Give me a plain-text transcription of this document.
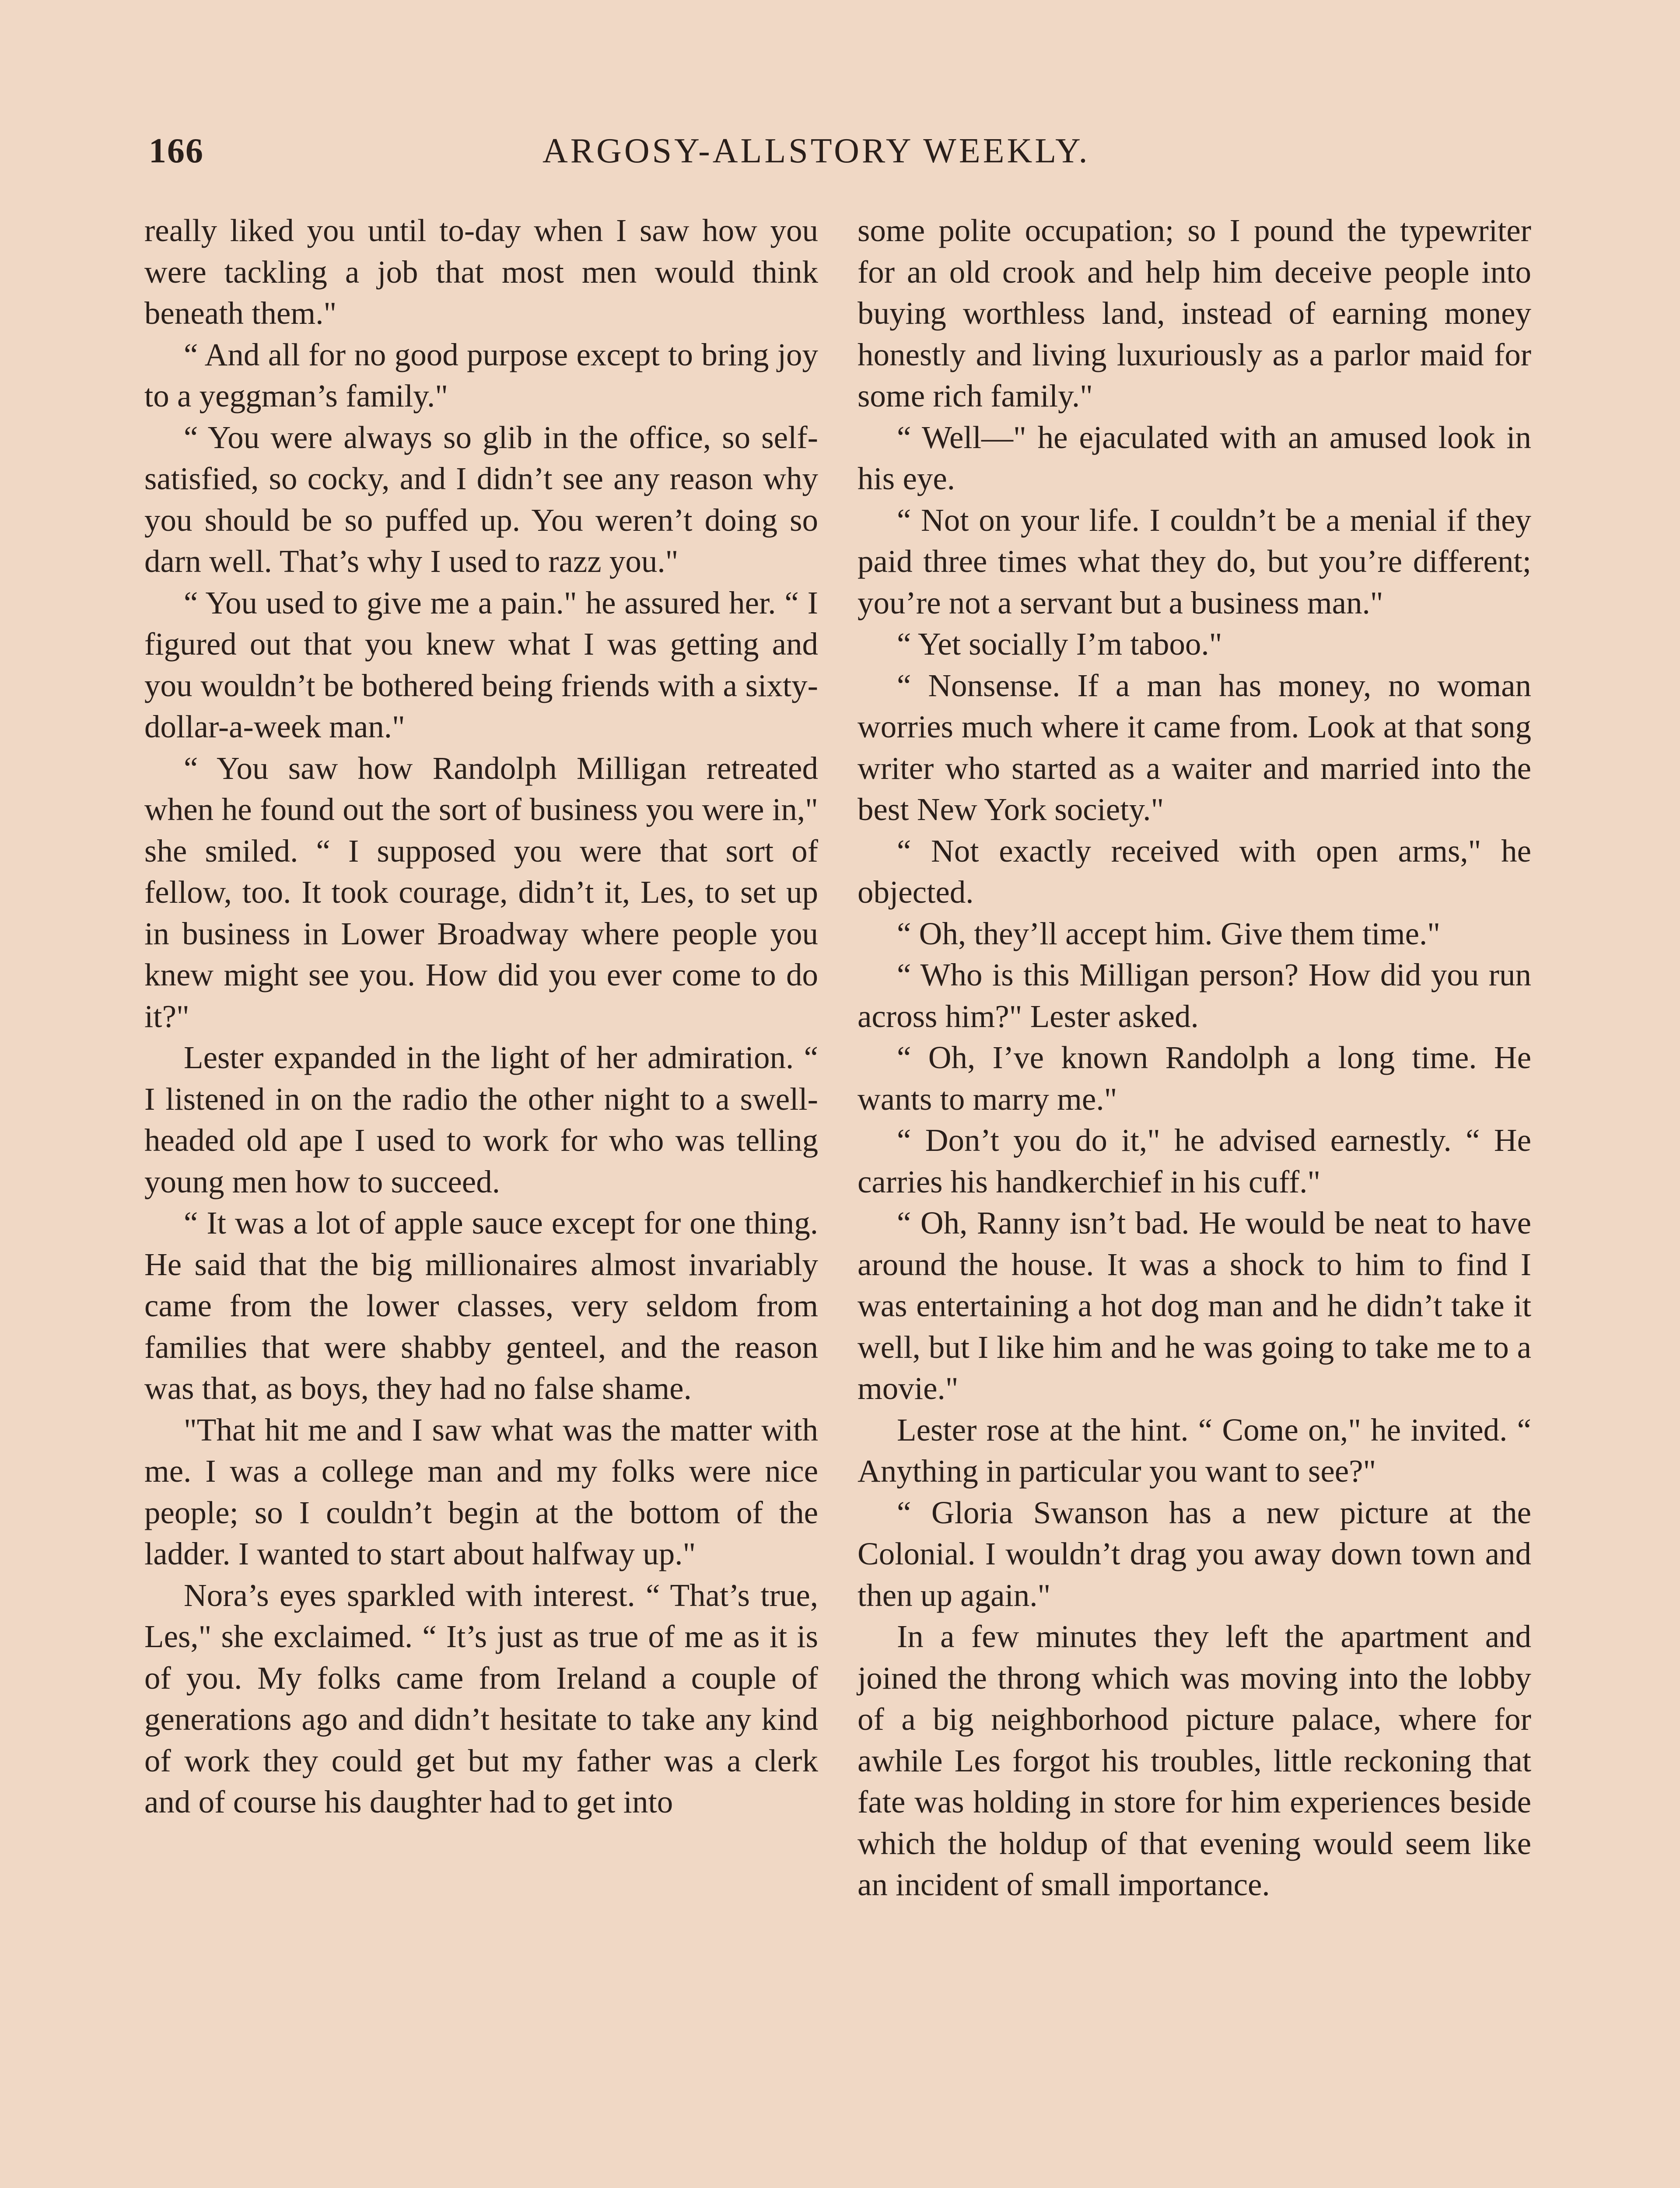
166	ARGOSY-ALLSTORY WEEKLY.

really liked you until to-day when I saw how you were tackling a job that most men would think beneath them."

“ And all for no good purpose except to bring joy to a yeggman’s family."

“ You were always so glib in the office, so self-satisfied, so cocky, and I didn’t see any reason why you should be so puffed up. You weren’t doing so darn well. That’s why I used to razz you."

“ You used to give me a pain." he assured her. “ I figured out that you knew what I was getting and you wouldn’t be bothered being friends with a sixty-dollar-a-week man."

“ You saw how Randolph Milligan retreated when he found out the sort of business you were in," she smiled. “ I supposed you were that sort of fellow, too. It took courage, didn’t it, Les, to set up in business in Lower Broadway where people you knew might see you. How did you ever come to do it?"

Lester expanded in the light of her admiration. “ I listened in on the radio the other night to a swell-headed old ape I used to work for who was telling young men how to succeed.

“ It was a lot of apple sauce except for one thing. He said that the big millionaires almost invariably came from the lower classes, very seldom from families that were shabby genteel, and the reason was that, as boys, they had no false shame.

"That hit me and I saw what was the matter with me. I was a college man and my folks were nice people; so I couldn’t begin at the bottom of the ladder. I wanted to start about halfway up."

Nora’s eyes sparkled with interest. “ That’s true, Les," she exclaimed. “ It’s just as true of me as it is of you. My folks came from Ireland a couple of generations ago and didn’t hesitate to take any kind of work they could get but my father was a clerk and of course his daughter had to get into

some polite occupation; so I pound the typewriter for an old crook and help him deceive people into buying worthless land, instead of earning money honestly and living luxuriously as a parlor maid for some rich family."

“ Well—" he ejaculated with an amused look in his eye.

“ Not on your life. I couldn’t be a menial if they paid three times what they do, but you’re different; you’re not a servant but a business man."

“ Yet socially I’m taboo."

“ Nonsense. If a man has money, no woman worries much where it came from. Look at that song writer who started as a waiter and married into the best New York society."

“ Not exactly received with open arms," he objected.

“ Oh, they’ll accept him. Give them time."

“ Who is this Milligan person? How did you run across him?" Lester asked.

“ Oh, I’ve known Randolph a long time. He wants to marry me."

“ Don’t you do it," he advised earnestly. “ He carries his handkerchief in his cuff."

“ Oh, Ranny isn’t bad. He would be neat to have around the house. It was a shock to him to find I was entertaining a hot dog man and he didn’t take it well, but I like him and he was going to take me to a movie."

Lester rose at the hint. “ Come on," he invited. “ Anything in particular you want to see?"

“ Gloria Swanson has a new picture at the Colonial. I wouldn’t drag you away down town and then up again."

In a few minutes they left the apartment and joined the throng which was moving into the lobby of a big neighborhood picture palace, where for awhile Les forgot his troubles, little reckoning that fate was holding in store for him experiences beside which the holdup of that evening would seem like an incident of small importance.
